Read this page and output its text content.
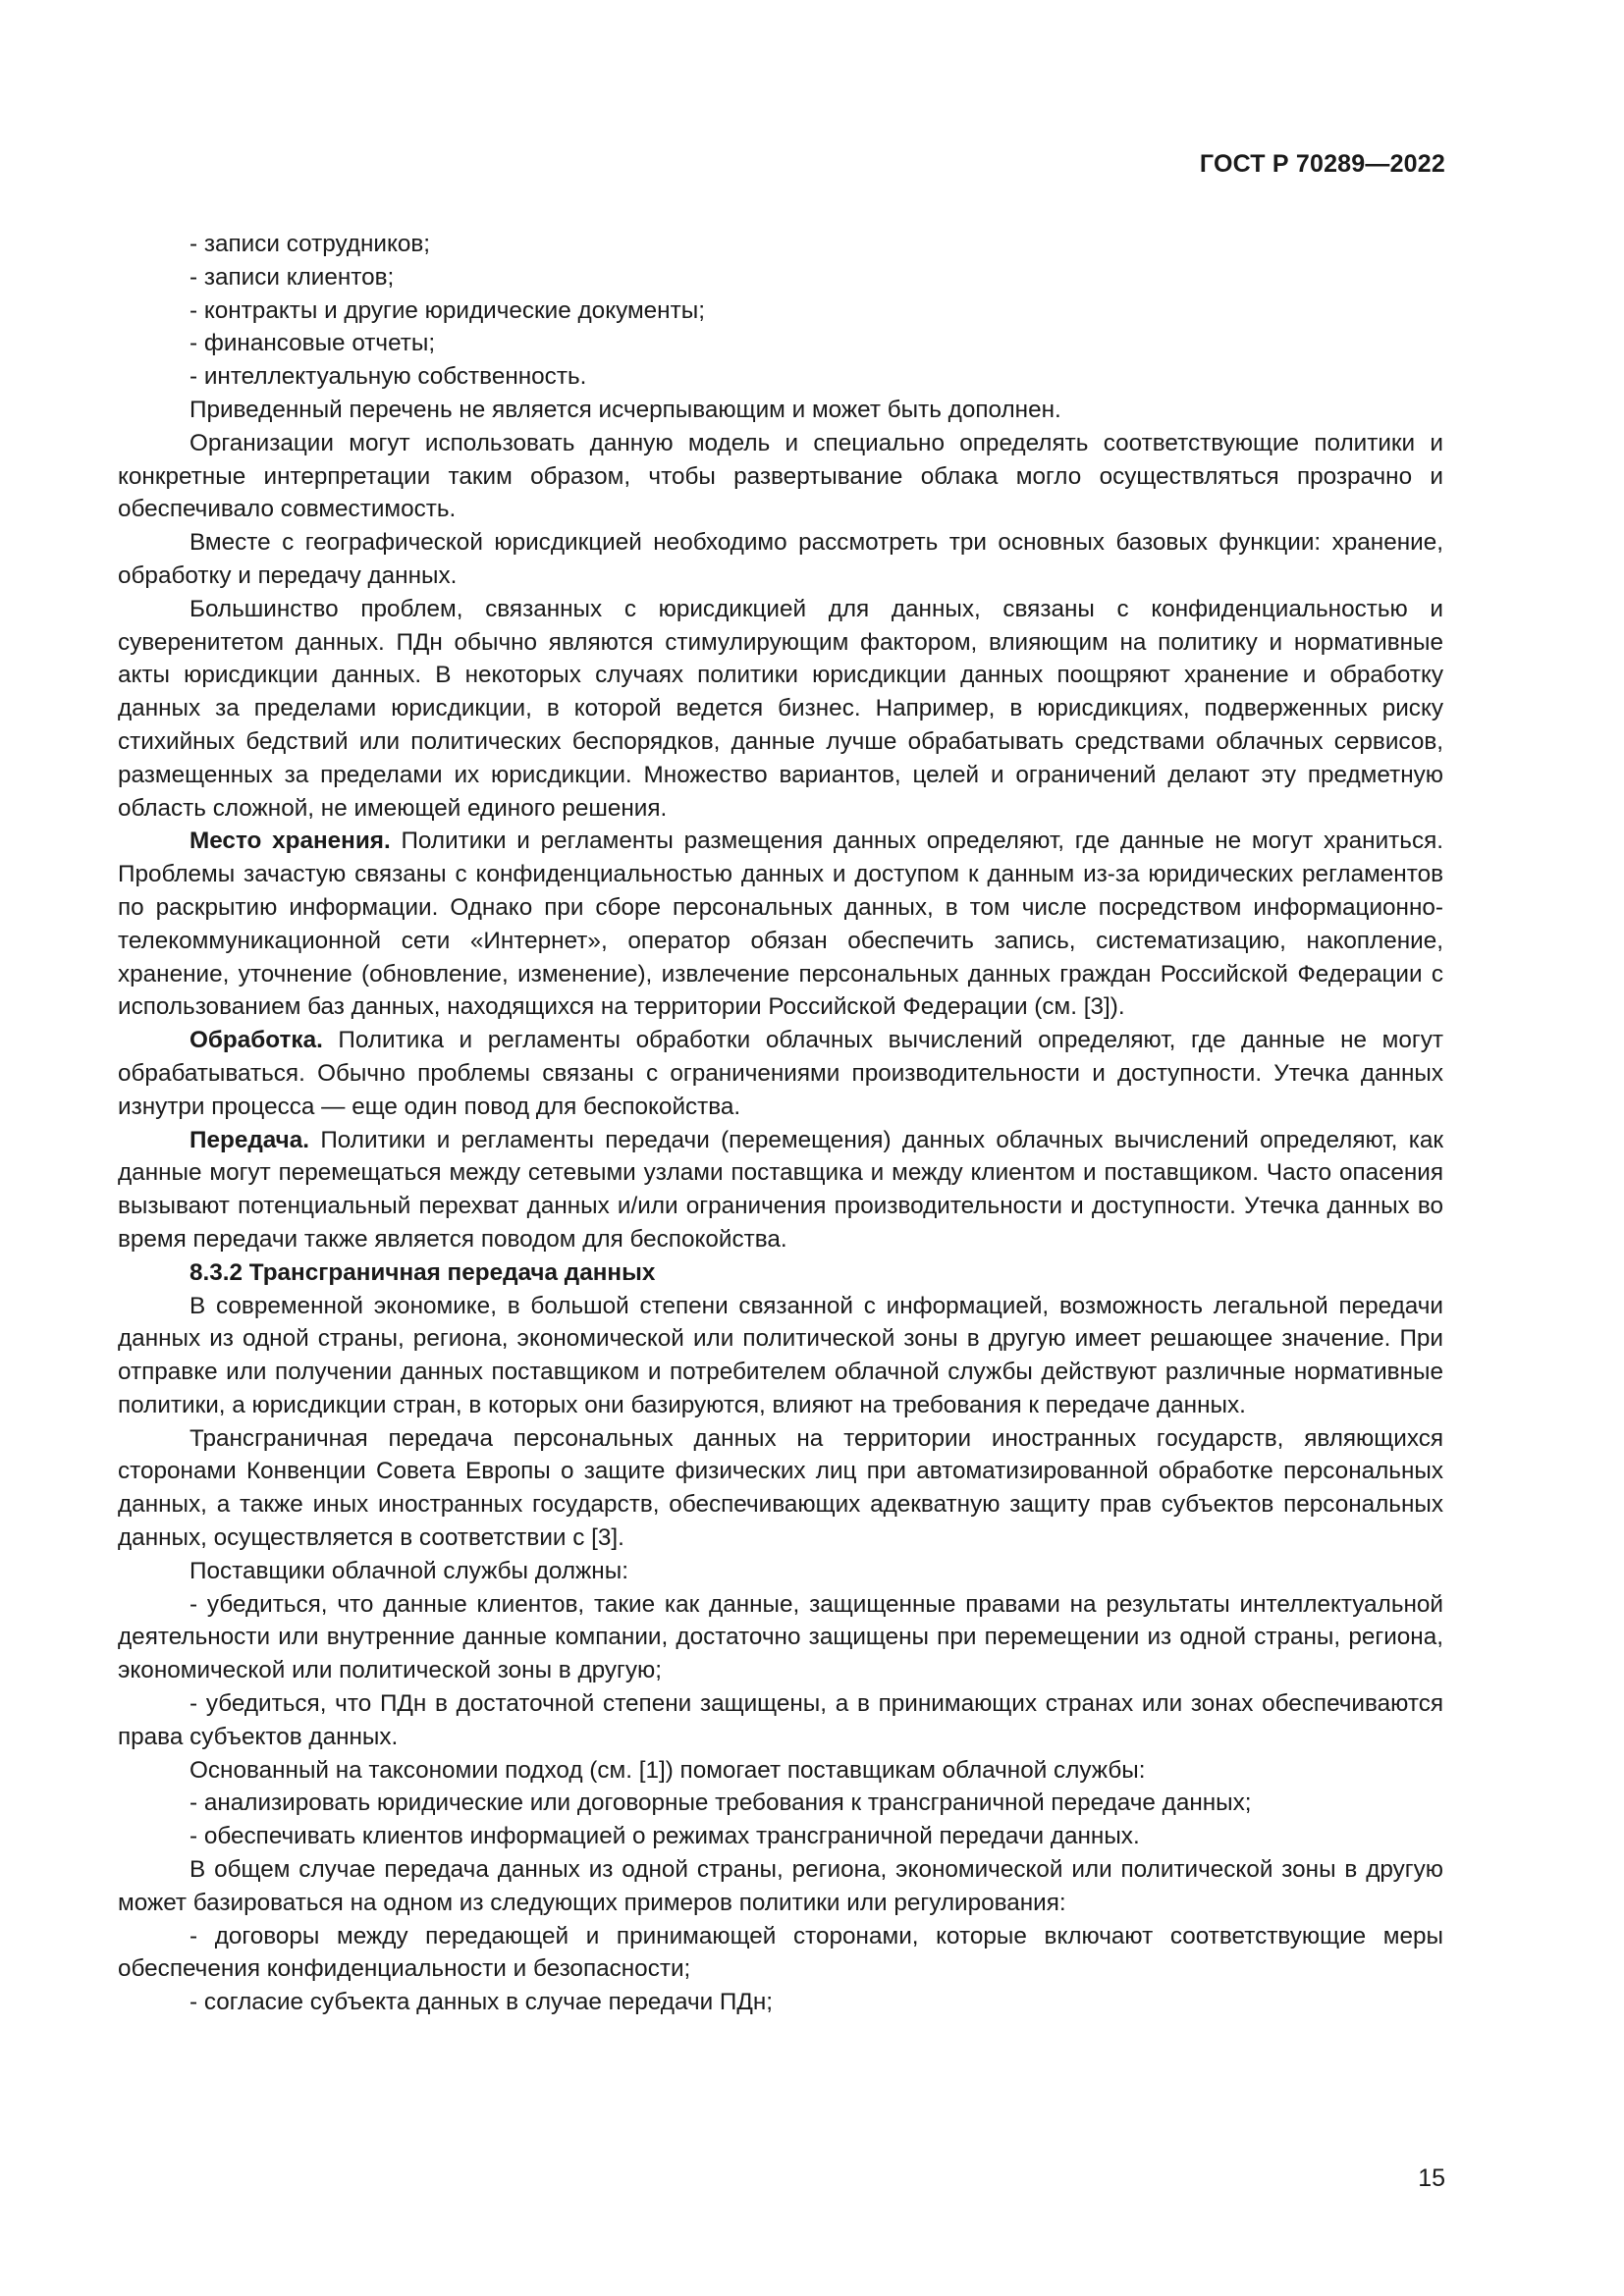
ГОСТ Р 70289—2022

- записи сотрудников;

- записи клиентов;

- контракты и другие юридические документы;

- финансовые отчеты;

- интеллектуальную собственность.

Приведенный перечень не является исчерпывающим и может быть дополнен.

Организации могут использовать данную модель и специально определять соответствующие политики и конкретные интерпретации таким образом, чтобы развертывание облака могло осуществляться прозрачно и обеспечивало совместимость.

Вместе с географической юрисдикцией необходимо рассмотреть три основных базовых функции: хранение, обработку и передачу данных.

Большинство проблем, связанных с юрисдикцией для данных, связаны с конфиденциальностью и суверенитетом данных. ПДн обычно являются стимулирующим фактором, влияющим на политику и нормативные акты юрисдикции данных. В некоторых случаях политики юрисдикции данных поощряют хранение и обработку данных за пределами юрисдикции, в которой ведется бизнес. Например, в юрисдикциях, подверженных риску стихийных бедствий или политических беспорядков, данные лучше обрабатывать средствами облачных сервисов, размещенных за пределами их юрисдикции. Множество вариантов, целей и ограничений делают эту предметную область сложной, не имеющей единого решения.

Место хранения. Политики и регламенты размещения данных определяют, где данные не могут храниться. Проблемы зачастую связаны с конфиденциальностью данных и доступом к данным из-за юридических регламентов по раскрытию информации. Однако при сборе персональных данных, в том числе посредством информационно-телекоммуникационной сети «Интернет», оператор обязан обеспечить запись, систематизацию, накопление, хранение, уточнение (обновление, изменение), извлечение персональных данных граждан Российской Федерации с использованием баз данных, находящихся на территории Российской Федерации (см. [3]).

Обработка. Политика и регламенты обработки облачных вычислений определяют, где данные не могут обрабатываться. Обычно проблемы связаны с ограничениями производительности и доступности. Утечка данных изнутри процесса — еще один повод для беспокойства.

Передача. Политики и регламенты передачи (перемещения) данных облачных вычислений определяют, как данные могут перемещаться между сетевыми узлами поставщика и между клиентом и поставщиком. Часто опасения вызывают потенциальный перехват данных и/или ограничения производительности и доступности. Утечка данных во время передачи также является поводом для беспокойства.

8.3.2 Трансграничная передача данных

В современной экономике, в большой степени связанной с информацией, возможность легальной передачи данных из одной страны, региона, экономической или политической зоны в другую имеет решающее значение. При отправке или получении данных поставщиком и потребителем облачной службы действуют различные нормативные политики, а юрисдикции стран, в которых они базируются, влияют на требования к передаче данных.

Трансграничная передача персональных данных на территории иностранных государств, являющихся сторонами Конвенции Совета Европы о защите физических лиц при автоматизированной обработке персональных данных, а также иных иностранных государств, обеспечивающих адекватную защиту прав субъектов персональных данных, осуществляется в соответствии с [3].

Поставщики облачной службы должны:

- убедиться, что данные клиентов, такие как данные, защищенные правами на результаты интеллектуальной деятельности или внутренние данные компании, достаточно защищены при перемещении из одной страны, региона, экономической или политической зоны в другую;

- убедиться, что ПДн в достаточной степени защищены, а в принимающих странах или зонах обеспечиваются права субъектов данных.

Основанный на таксономии подход (см. [1]) помогает поставщикам облачной службы:

- анализировать юридические или договорные требования к трансграничной передаче данных;

- обеспечивать клиентов информацией о режимах трансграничной передачи данных.

В общем случае передача данных из одной страны, региона, экономической или политической зоны в другую может базироваться на одном из следующих примеров политики или регулирования:

- договоры между передающей и принимающей сторонами, которые включают соответствующие меры обеспечения конфиденциальности и безопасности;

- согласие субъекта данных в случае передачи ПДн;

15
